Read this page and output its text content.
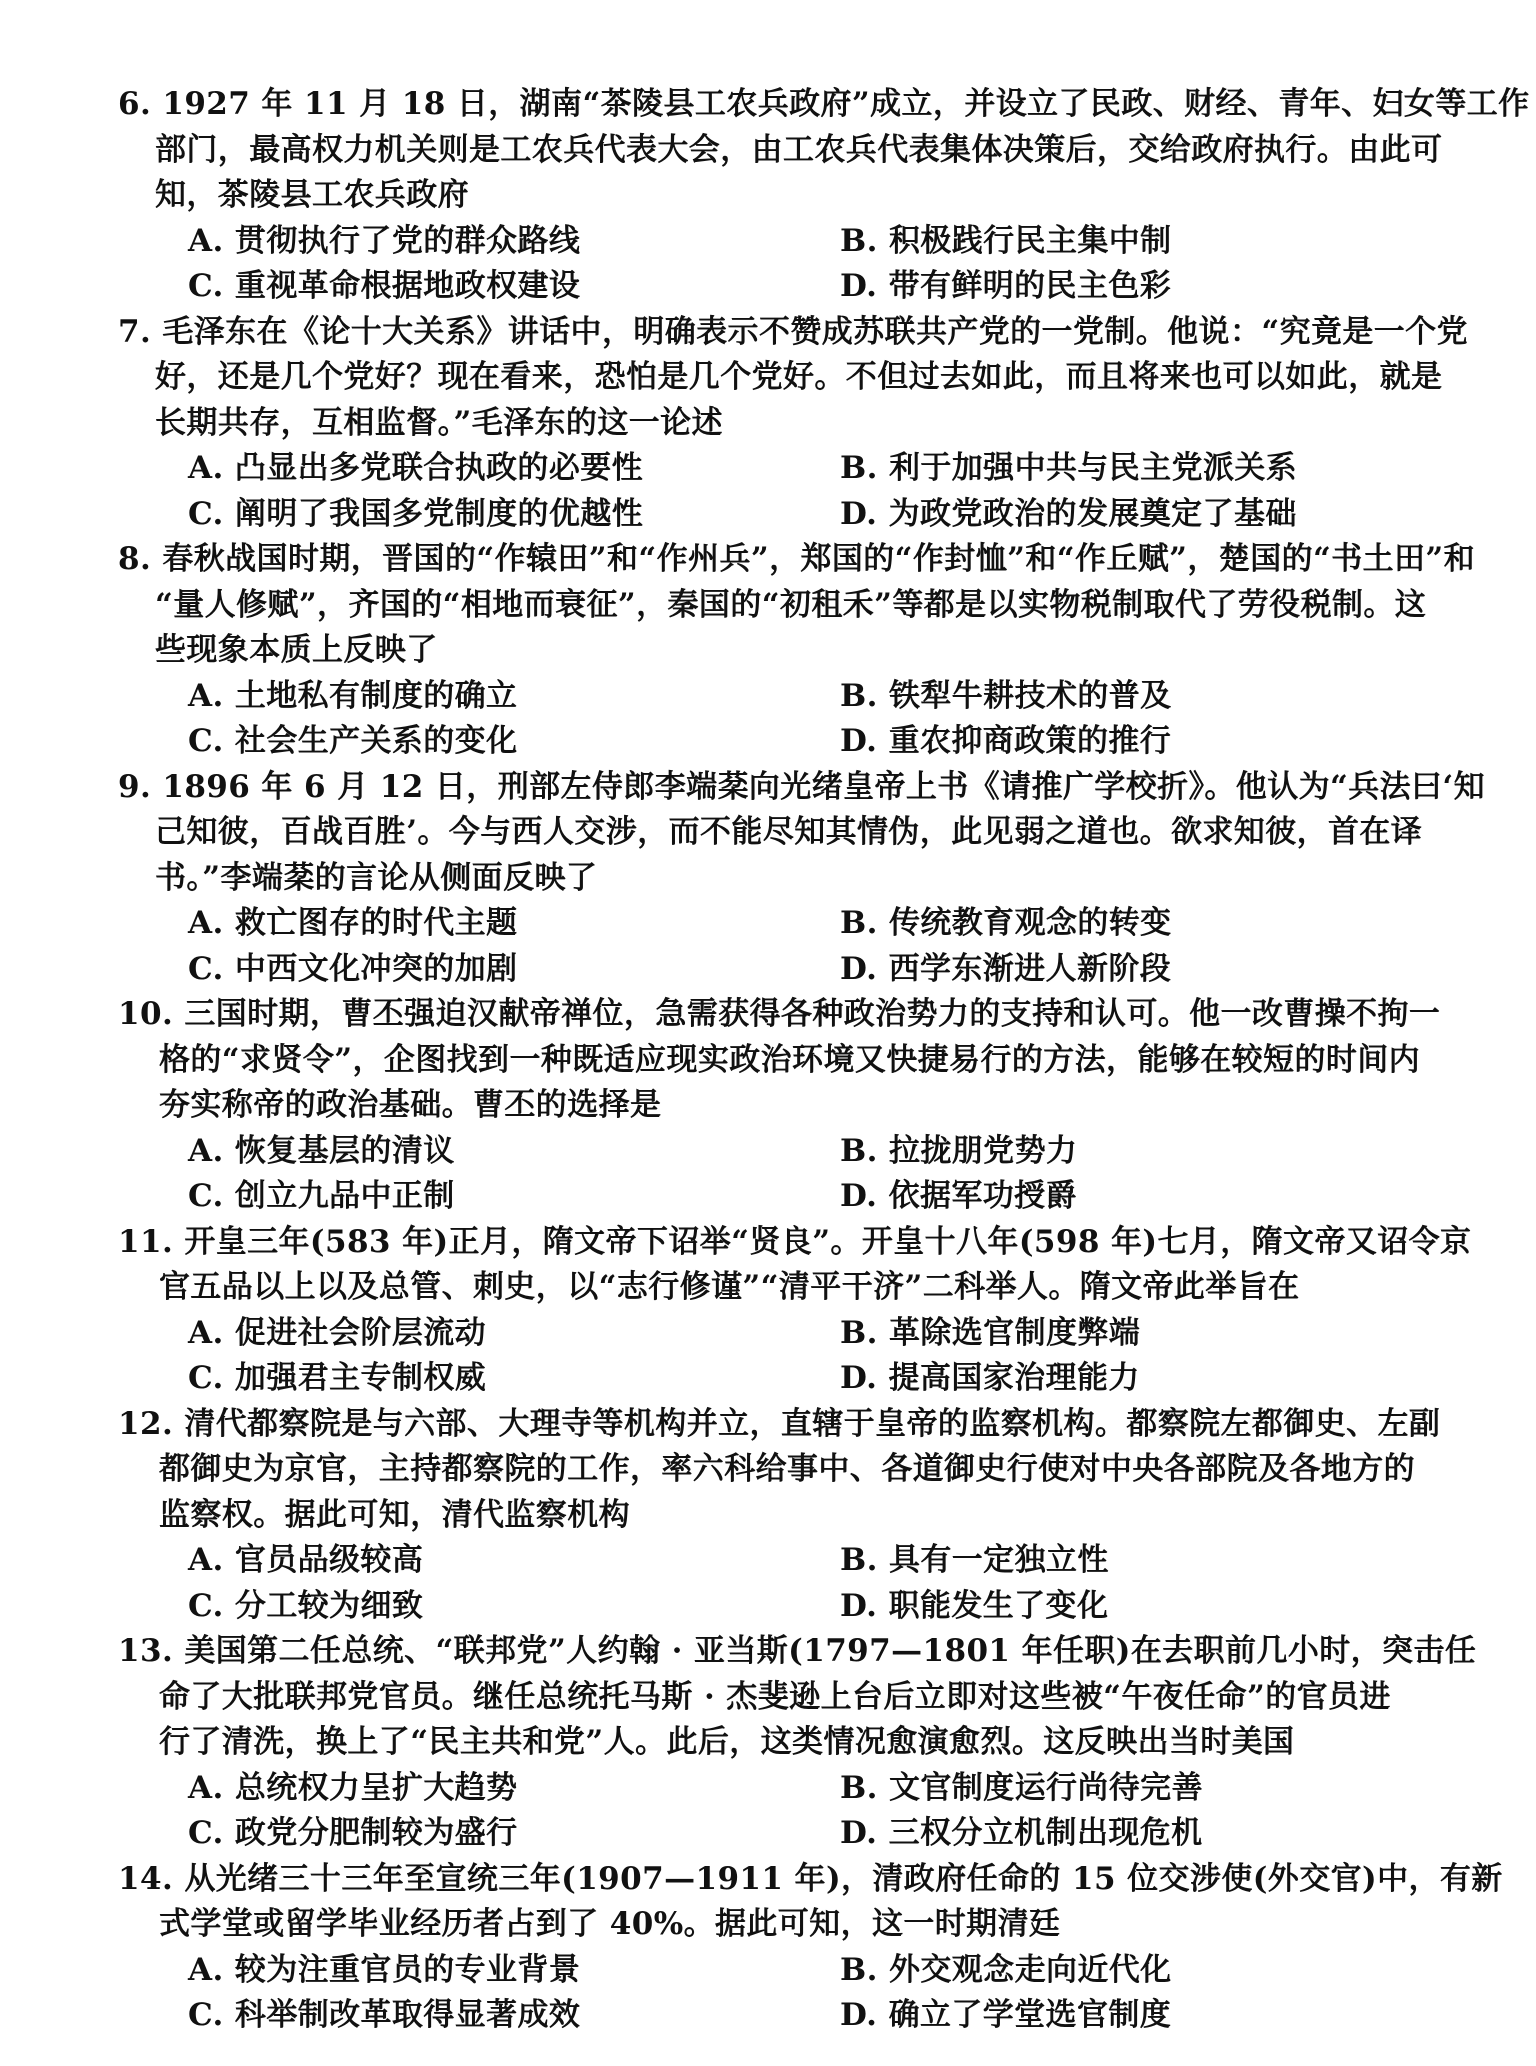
6. 1927 年 11 月 18 日，湖南“茶陵县工农兵政府”成立，并设立了民政、财经、青年、妇女等工作
部门，最高权力机关则是工农兵代表大会，由工农兵代表集体决策后，交给政府执行。由此可
知，茶陵县工农兵政府
A. 贯彻执行了党的群众路线	B. 积极践行民主集中制
C. 重视革命根据地政权建设	D. 带有鲜明的民主色彩
7. 毛泽东在《论十大关系》讲话中，明确表示不赞成苏联共产党的一党制。他说：“究竟是一个党
好，还是几个党好？现在看来，恐怕是几个党好。不但过去如此，而且将来也可以如此，就是
长期共存，互相监督。”毛泽东的这一论述
A. 凸显出多党联合执政的必要性	B. 利于加强中共与民主党派关系
C. 阐明了我国多党制度的优越性	D. 为政党政治的发展奠定了基础
8. 春秋战国时期，晋国的“作辕田”和“作州兵”，郑国的“作封恤”和“作丘赋”，楚国的“书土田”和
“量人修赋”，齐国的“相地而衰征”，秦国的“初租禾”等都是以实物税制取代了劳役税制。这
些现象本质上反映了
A. 土地私有制度的确立	B. 铁犁牛耕技术的普及
C. 社会生产关系的变化	D. 重农抑商政策的推行
9. 1896 年 6 月 12 日，刑部左侍郎李端棻向光绪皇帝上书《请推广学校折》。他认为“兵法曰‘知
己知彼，百战百胜’。今与西人交涉，而不能尽知其情伪，此见弱之道也。欲求知彼，首在译
书。”李端棻的言论从侧面反映了
A. 救亡图存的时代主题	B. 传统教育观念的转变
C. 中西文化冲突的加剧	D. 西学东渐进人新阶段
10. 三国时期，曹丕强迫汉献帝禅位，急需获得各种政治势力的支持和认可。他一改曹操不拘一
格的“求贤令”，企图找到一种既适应现实政治环境又快捷易行的方法，能够在较短的时间内
夯实称帝的政治基础。曹丕的选择是
A. 恢复基层的清议	B. 拉拢朋党势力
C. 创立九品中正制	D. 依据军功授爵
11. 开皇三年(583 年)正月，隋文帝下诏举“贤良”。开皇十八年(598 年)七月，隋文帝又诏令京
官五品以上以及总管、刺史，以“志行修谨”“清平干济”二科举人。隋文帝此举旨在
A. 促进社会阶层流动	B. 革除选官制度弊端
C. 加强君主专制权威	D. 提高国家治理能力
12. 清代都察院是与六部、大理寺等机构并立，直辖于皇帝的监察机构。都察院左都御史、左副
都御史为京官，主持都察院的工作，率六科给事中、各道御史行使对中央各部院及各地方的
监察权。据此可知，清代监察机构
A. 官员品级较高	B. 具有一定独立性
C. 分工较为细致	D. 职能发生了变化
13. 美国第二任总统、“联邦党”人约翰 · 亚当斯(1797—1801 年任职)在去职前几小时，突击任
命了大批联邦党官员。继任总统托马斯 · 杰斐逊上台后立即对这些被“午夜任命”的官员进
行了清洗，换上了“民主共和党”人。此后，这类情况愈演愈烈。这反映出当时美国
A. 总统权力呈扩大趋势	B. 文官制度运行尚待完善
C. 政党分肥制较为盛行	D. 三权分立机制出现危机
14. 从光绪三十三年至宣统三年(1907—1911 年)，清政府任命的 15 位交涉使(外交官)中，有新
式学堂或留学毕业经历者占到了 40%。据此可知，这一时期清廷
A. 较为注重官员的专业背景	B. 外交观念走向近代化
C. 科举制改革取得显著成效	D. 确立了学堂选官制度
